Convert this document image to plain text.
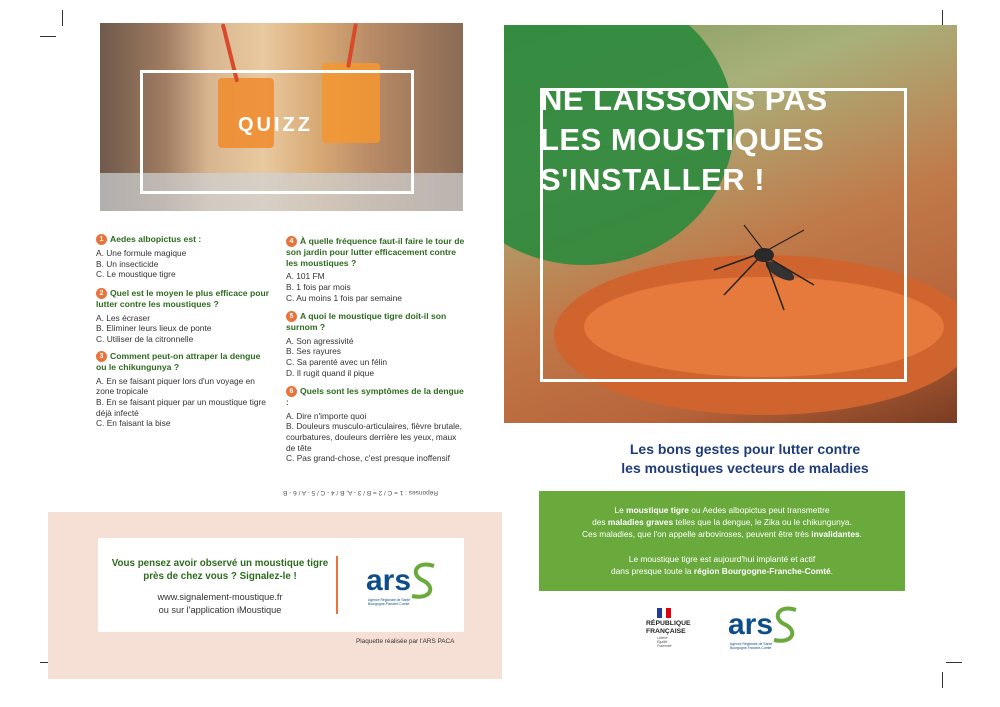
QUIZZ
1 Aedes albopictus est :
A. Une formule magique
B. Un insecticide
C. Le moustique tigre
2 Quel est le moyen le plus efficace pour lutter contre les moustiques ?
A. Les écraser
B. Eliminer leurs lieux de ponte
C. Utiliser de la citronnelle
3 Comment peut-on attraper la dengue ou le chikungunya ?
A. En se faisant piquer lors d'un voyage en zone tropicale
B. En se faisant piquer par un moustique tigre déjà infecté
C. En faisant la bise
4 À quelle fréquence faut-il faire le tour de son jardin pour lutter efficacement contre les moustiques ?
A. 101 FM
B. 1 fois par mois
C. Au moins 1 fois par semaine
5 A quoi le moustique tigre doit-il son surnom ?
A. Son agressivité
B. Ses rayures
C. Sa parenté avec un félin
D. Il rugit quand il pique
6 Quels sont les symptômes de la dengue :
A. Dire n'importe quoi
B. Douleurs musculo-articulaires, fièvre brutale, courbatures, douleurs derrière les yeux, maux de tête
C. Pas grand-chose, c'est presque inoffensif
Réponses : 1 = C / 2 = B / 3 - A, B / 4 - C / 5 - A / 6 - B
Vous pensez avoir observé un moustique tigre près de chez vous ? Signalez-le !
www.signalement-moustique.fr
ou sur l'application iMoustique
ars
Agence Régionale de Santé
Bourgogne-Franche-Comté
Plaquette réalisée par l'ARS PACA
NE LAISSONS PAS
LES MOUSTIQUES
S'INSTALLER !
Les bons gestes pour lutter contre
les moustiques vecteurs de maladies
Le moustique tigre ou Aedes albopictus peut transmettre
des maladies graves telles que la dengue, le Zika ou le chikungunya.
Ces maladies, que l'on appelle arboviroses, peuvent être très invalidantes.
Le moustique tigre est aujourd'hui implanté et actif
dans presque toute la région Bourgogne-Franche-Comté.
RÉPUBLIQUE
FRANÇAISE
Liberté
Égalité
Fraternité
ars
Agence Régionale de Santé
Bourgogne-Franche-Comté
